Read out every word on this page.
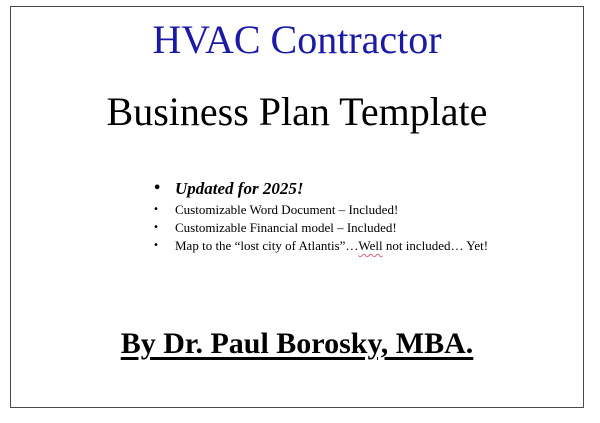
HVAC Contractor
Business Plan Template
• Updated for 2025!
• Customizable Word Document – Included!
• Customizable Financial model – Included!
• Map to the “lost city of Atlantis”…Well not included… Yet!
By Dr. Paul Borosky, MBA.
